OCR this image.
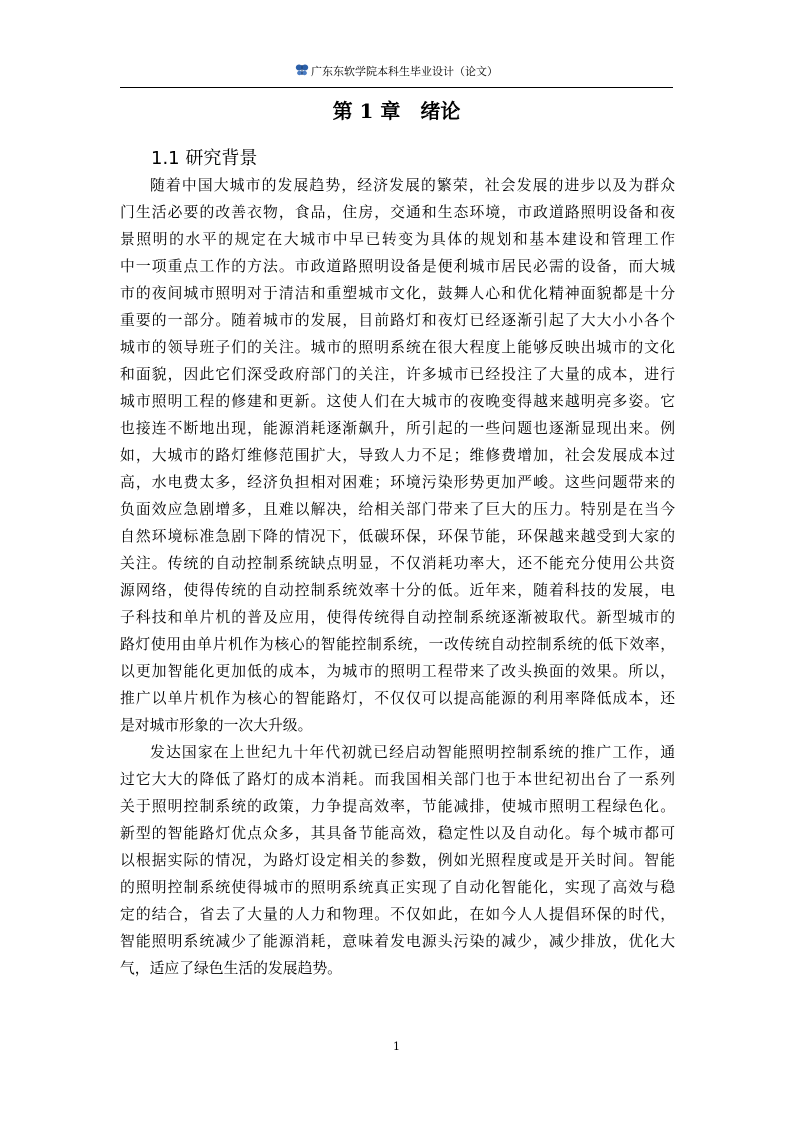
广东东软学院本科生毕业设计（论文）
第 1 章　绪论
1.1 研究背景
随着中国大城市的发展趋势，经济发展的繁荣，社会发展的进步以及为群众
门生活必要的改善衣物，食品，住房，交通和生态环境，市政道路照明设备和夜
景照明的水平的规定在大城市中早已转变为具体的规划和基本建设和管理工作
中一项重点工作的方法。市政道路照明设备是便利城市居民必需的设备，而大城
市的夜间城市照明对于清洁和重塑城市文化，鼓舞人心和优化精神面貌都是十分
重要的一部分。随着城市的发展，目前路灯和夜灯已经逐渐引起了大大小小各个
城市的领导班子们的关注。城市的照明系统在很大程度上能够反映出城市的文化
和面貌，因此它们深受政府部门的关注，许多城市已经投注了大量的成本，进行
城市照明工程的修建和更新。这使人们在大城市的夜晚变得越来越明亮多姿。它
也接连不断地出现，能源消耗逐渐飙升，所引起的一些问题也逐渐显现出来。例
如，大城市的路灯维修范围扩大，导致人力不足；维修费增加，社会发展成本过
高，水电费太多，经济负担相对困难；环境污染形势更加严峻。这些问题带来的
负面效应急剧增多，且难以解决，给相关部门带来了巨大的压力。特别是在当今
自然环境标准急剧下降的情况下，低碳环保，环保节能，环保越来越受到大家的
关注。传统的自动控制系统缺点明显，不仅消耗功率大，还不能充分使用公共资
源网络，使得传统的自动控制系统效率十分的低。近年来，随着科技的发展，电
子科技和单片机的普及应用，使得传统得自动控制系统逐渐被取代。新型城市的
路灯使用由单片机作为核心的智能控制系统，一改传统自动控制系统的低下效率，
以更加智能化更加低的成本，为城市的照明工程带来了改头换面的效果。所以，
推广以单片机作为核心的智能路灯，不仅仅可以提高能源的利用率降低成本，还
是对城市形象的一次大升级。
发达国家在上世纪九十年代初就已经启动智能照明控制系统的推广工作，通
过它大大的降低了路灯的成本消耗。而我国相关部门也于本世纪初出台了一系列
关于照明控制系统的政策，力争提高效率，节能减排，使城市照明工程绿色化。
新型的智能路灯优点众多，其具备节能高效，稳定性以及自动化。每个城市都可
以根据实际的情况，为路灯设定相关的参数，例如光照程度或是开关时间。智能
的照明控制系统使得城市的照明系统真正实现了自动化智能化，实现了高效与稳
定的结合，省去了大量的人力和物理。不仅如此，在如今人人提倡环保的时代，
智能照明系统减少了能源消耗，意味着发电源头污染的减少，减少排放，优化大
气，适应了绿色生活的发展趋势。
1
